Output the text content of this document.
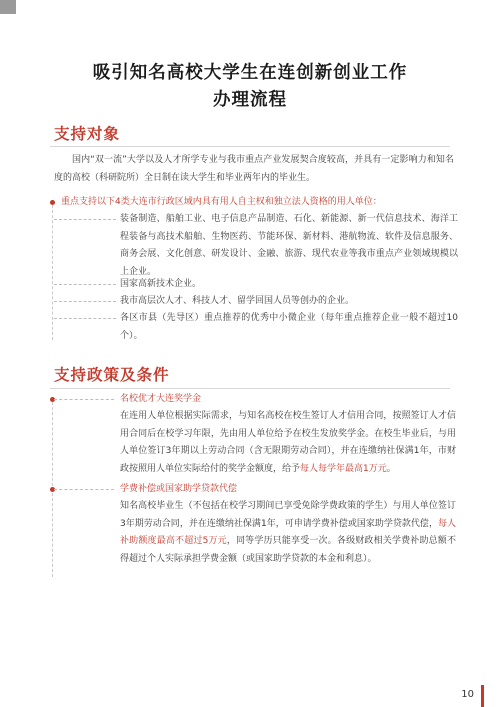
吸引知名高校大学生在连创新创业工作
办理流程
支持对象
国内“双一流”大学以及人才所学专业与我市重点产业发展契合度较高，并具有一定影响力和知名度的高校（科研院所）全日制在读大学生和毕业两年内的毕业生。
重点支持以下4类大连市行政区域内具有用人自主权和独立法人资格的用人单位：
装备制造、船舶工业、电子信息产品制造、石化、新能源、新一代信息技术、海洋工程装备与高技术船舶、生物医药、节能环保、新材料、港航物流、软件及信息服务、商务会展、文化创意、研发设计、金融、旅游、现代农业等我市重点产业领域规模以上企业。
国家高新技术企业。
我市高层次人才、科技人才、留学回国人员等创办的企业。
各区市县（先导区）重点推荐的优秀中小微企业（每年重点推荐企业一般不超过10个）。
支持政策及条件
名校优才大连奖学金
在连用人单位根据实际需求，与知名高校在校生签订人才信用合同，按照签订人才信用合同后在校学习年限，先由用人单位给予在校生发放奖学金。在校生毕业后，与用人单位签订3年期以上劳动合同（含无限期劳动合同），并在连缴纳社保满1年，市财政按照用人单位实际给付的奖学金额度，给予每人每学年最高1万元。
学费补偿或国家助学贷款代偿
知名高校毕业生（不包括在校学习期间已享受免除学费政策的学生）与用人单位签订3年期劳动合同，并在连缴纳社保满1年，可申请学费补偿或国家助学贷款代偿，每人补助额度最高不超过5万元，同等学历只能享受一次。各级财政相关学费补助总额不得超过个人实际承担学费金额（或国家助学贷款的本金和利息）。
10
